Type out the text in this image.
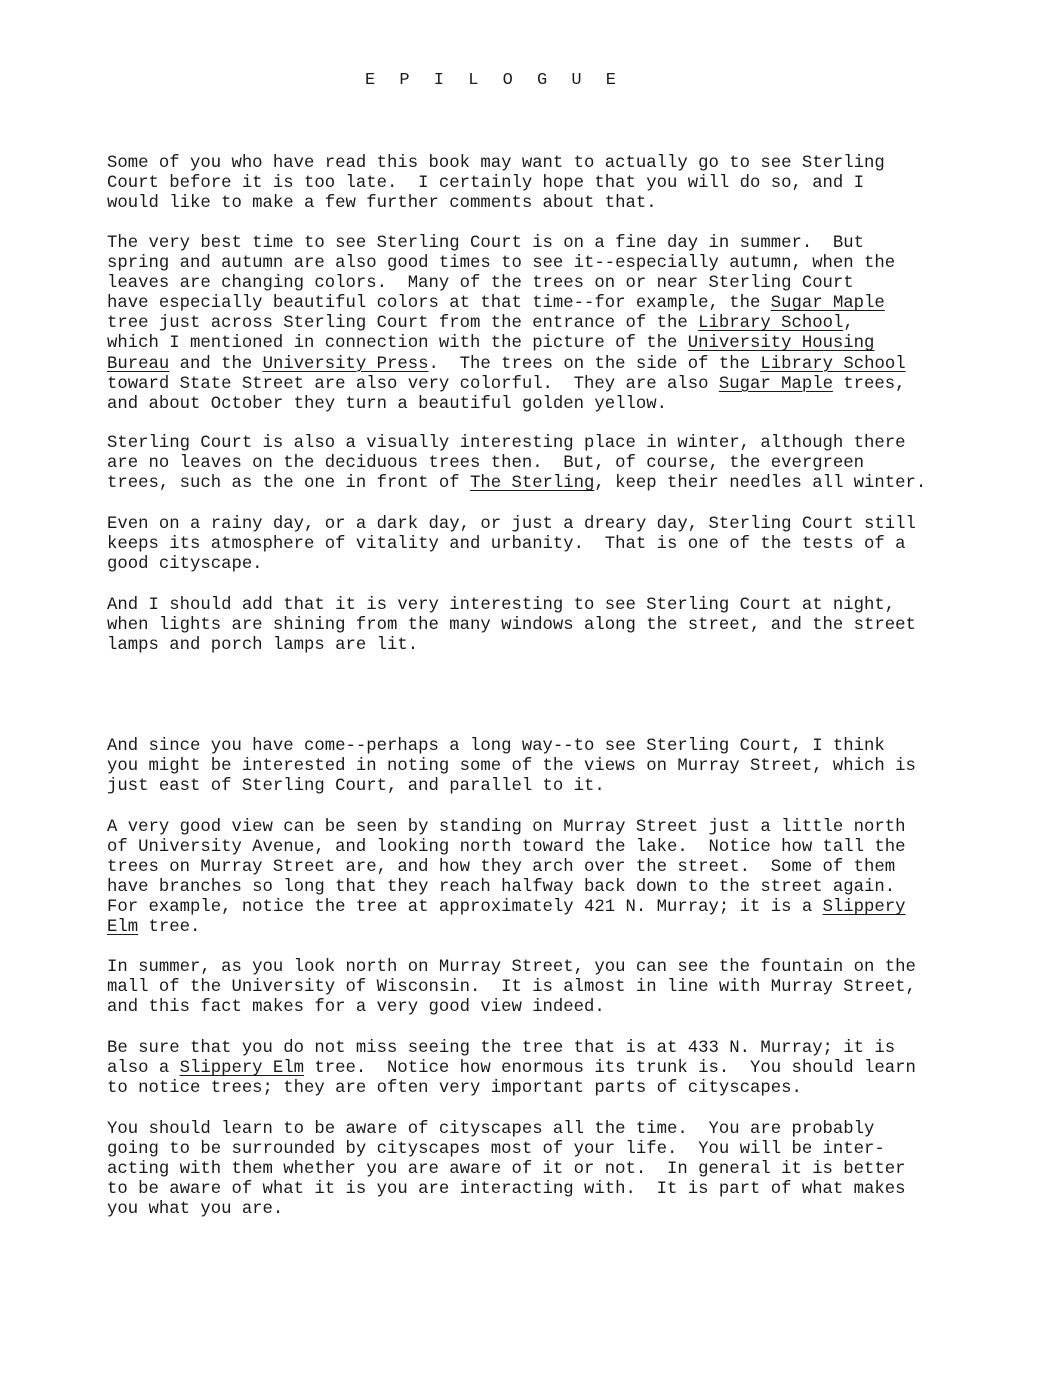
E P I L O G U E

Some of you who have read this book may want to actually go to see Sterling
Court before it is too late.  I certainly hope that you will do so, and I
would like to make a few further comments about that.

The very best time to see Sterling Court is on a fine day in summer.  But
spring and autumn are also good times to see it--especially autumn, when the
leaves are changing colors.  Many of the trees on or near Sterling Court
have especially beautiful colors at that time--for example, the Sugar Maple
tree just across Sterling Court from the entrance of the Library School,
which I mentioned in connection with the picture of the University Housing
Bureau and the University Press.  The trees on the side of the Library School
toward State Street are also very colorful.  They are also Sugar Maple trees,
and about October they turn a beautiful golden yellow.

Sterling Court is also a visually interesting place in winter, although there
are no leaves on the deciduous trees then.  But, of course, the evergreen
trees, such as the one in front of The Sterling, keep their needles all winter.

Even on a rainy day, or a dark day, or just a dreary day, Sterling Court still
keeps its atmosphere of vitality and urbanity.  That is one of the tests of a
good cityscape.

And I should add that it is very interesting to see Sterling Court at night,
when lights are shining from the many windows along the street, and the street
lamps and porch lamps are lit.

And since you have come--perhaps a long way--to see Sterling Court, I think
you might be interested in noting some of the views on Murray Street, which is
just east of Sterling Court, and parallel to it.

A very good view can be seen by standing on Murray Street just a little north
of University Avenue, and looking north toward the lake.  Notice how tall the
trees on Murray Street are, and how they arch over the street.  Some of them
have branches so long that they reach halfway back down to the street again.
For example, notice the tree at approximately 421 N. Murray; it is a Slippery
Elm tree.

In summer, as you look north on Murray Street, you can see the fountain on the
mall of the University of Wisconsin.  It is almost in line with Murray Street,
and this fact makes for a very good view indeed.

Be sure that you do not miss seeing the tree that is at 433 N. Murray; it is
also a Slippery Elm tree.  Notice how enormous its trunk is.  You should learn
to notice trees; they are often very important parts of cityscapes.

You should learn to be aware of cityscapes all the time.  You are probably
going to be surrounded by cityscapes most of your life.  You will be inter-
acting with them whether you are aware of it or not.  In general it is better
to be aware of what it is you are interacting with.  It is part of what makes
you what you are.
